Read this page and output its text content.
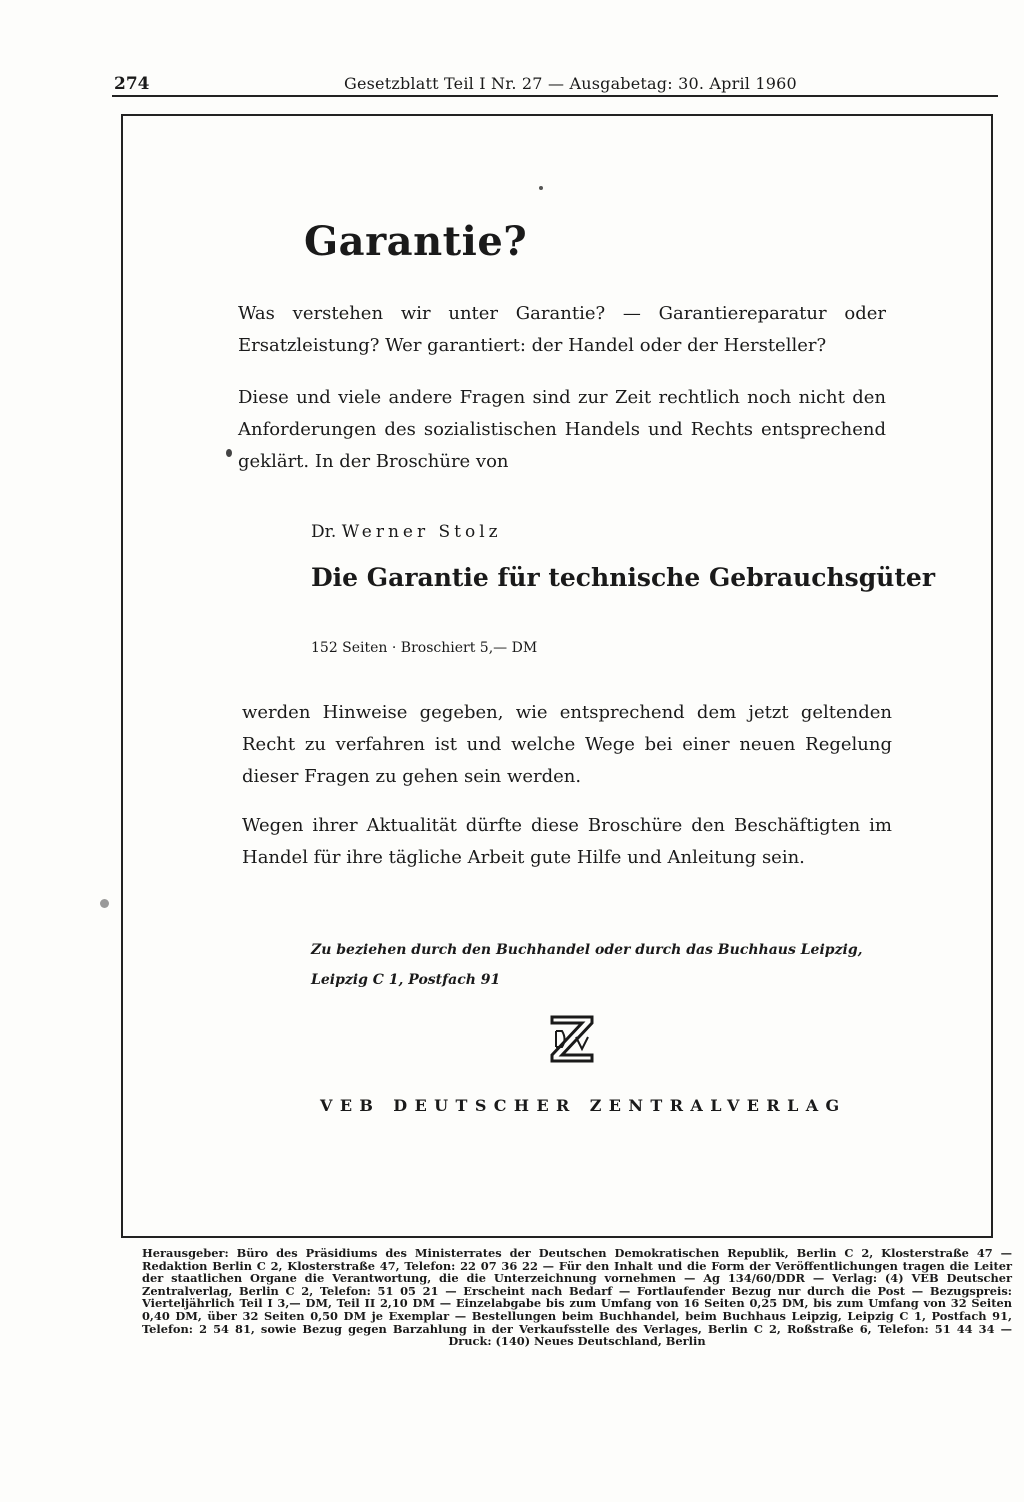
274	Gesetzblatt Teil I Nr. 27 — Ausgabetag: 30. April 1960
Garantie?

Was verstehen wir unter Garantie? — Garantiereparatur oder Ersatzleistung? Wer garantiert: der Handel oder der Hersteller?

Diese und viele andere Fragen sind zur Zeit rechtlich noch nicht den Anforderungen des sozialistischen Handels und Rechts entsprechend geklärt. In der Broschüre von

Dr. Werner Stolz
Die Garantie für technische Gebrauchsgüter
152 Seiten · Broschiert 5,— DM

werden Hinweise gegeben, wie entsprechend dem jetzt geltenden Recht zu verfahren ist und welche Wege bei einer neuen Regelung dieser Fragen zu gehen sein werden.

Wegen ihrer Aktualität dürfte diese Broschüre den Beschäftigten im Handel für ihre tägliche Arbeit gute Hilfe und Anleitung sein.

Zu beziehen durch den Buchhandel oder durch das Buchhaus Leipzig, Leipzig C 1, Postfach 91
VEB DEUTSCHER ZENTRALVERLAG
Herausgeber: Büro des Präsidiums des Ministerrates der Deutschen Demokratischen Republik, Berlin C 2, Klosterstraße 47 — Redaktion Berlin C 2, Klosterstraße 47, Telefon: 22 07 36 22 — Für den Inhalt und die Form der Veröffentlichungen tragen die Leiter der staatlichen Organe die Verantwortung, die die Unterzeichnung vornehmen — Ag 134/60/DDR — Verlag: (4) VEB Deutscher Zentralverlag, Berlin C 2, Telefon: 51 05 21 — Erscheint nach Bedarf — Fortlaufender Bezug nur durch die Post — Bezugspreis: Vierteljährlich Teil I 3,— DM, Teil II 2,10 DM — Einzelabgabe bis zum Umfang von 16 Seiten 0,25 DM, bis zum Umfang von 32 Seiten 0,40 DM, über 32 Seiten 0,50 DM je Exemplar — Bestellungen beim Buchhandel, beim Buchhaus Leipzig, Leipzig C 1, Postfach 91, Telefon: 2 54 81, sowie Bezug gegen Barzahlung in der Verkaufsstelle des Verlages, Berlin C 2, Roßstraße 6, Telefon: 51 44 34 — Druck: (140) Neues Deutschland, Berlin
